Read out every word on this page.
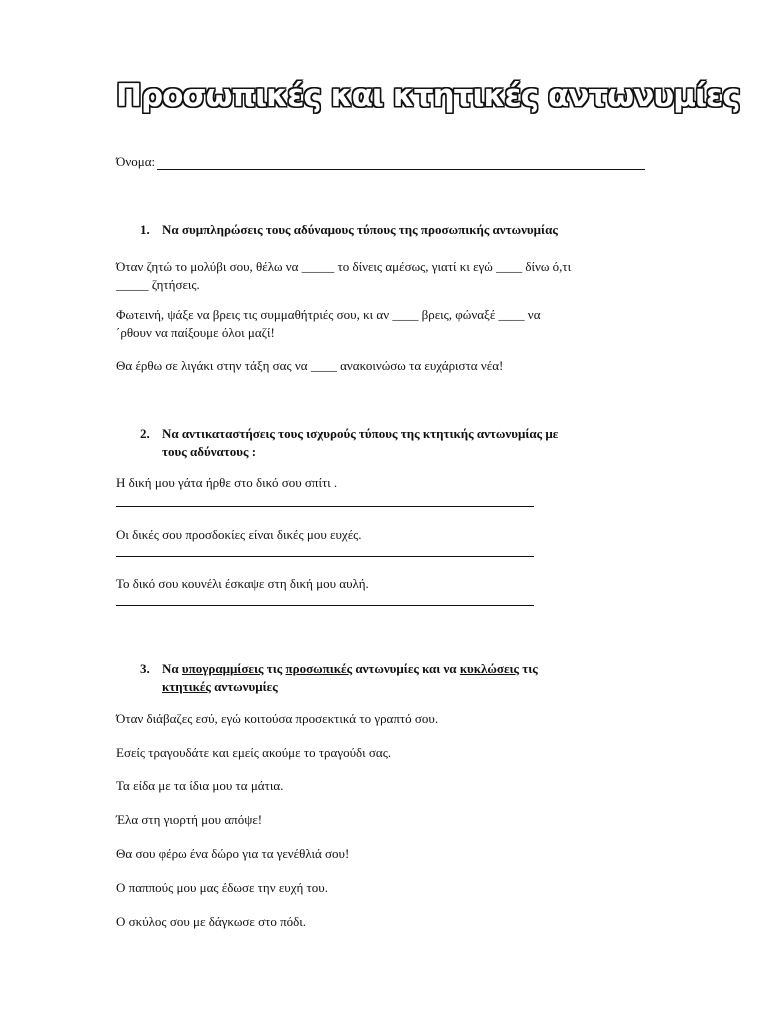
Προσωπικές και κτητικές αντωνυμίες
Όνομα:
1. Να συμπληρώσεις τους αδύναμους τύπους της προσωπικής αντωνυμίας
Όταν ζητώ το μολύβι σου, θέλω να _____ το δίνεις αμέσως, γιατί κι εγώ ____ δίνω ό,τι
_____ ζητήσεις.
Φωτεινή, ψάξε να βρεις τις συμμαθήτριές σου, κι αν ____ βρεις, φώναξέ ____ να
΄ρθουν να παίξουμε όλοι μαζί!
Θα έρθω σε λιγάκι στην τάξη σας να ____ ανακοινώσω τα ευχάριστα νέα!
2. Να αντικαταστήσεις τους ισχυρούς τύπους της κτητικής αντωνυμίας με
τους αδύνατους :
Η δική μου γάτα ήρθε στο δικό σου σπίτι .
Οι δικές σου προσδοκίες είναι δικές μου ευχές.
Το δικό σου κουνέλι έσκαψε στη δική μου αυλή.
3. Να υπογραμμίσεις τις προσωπικές αντωνυμίες και να κυκλώσεις τις
κτητικές αντωνυμίες
Όταν διάβαζες εσύ, εγώ κοιτούσα προσεκτικά το γραπτό σου.
Εσείς τραγουδάτε και εμείς ακούμε το τραγούδι σας.
Τα είδα με τα ίδια μου τα μάτια.
Έλα στη γιορτή μου απόψε!
Θα σου φέρω ένα δώρο για τα γενέθλιά σου!
Ο παππούς μου μας έδωσε την ευχή του.
Ο σκύλος σου με δάγκωσε στο πόδι.
